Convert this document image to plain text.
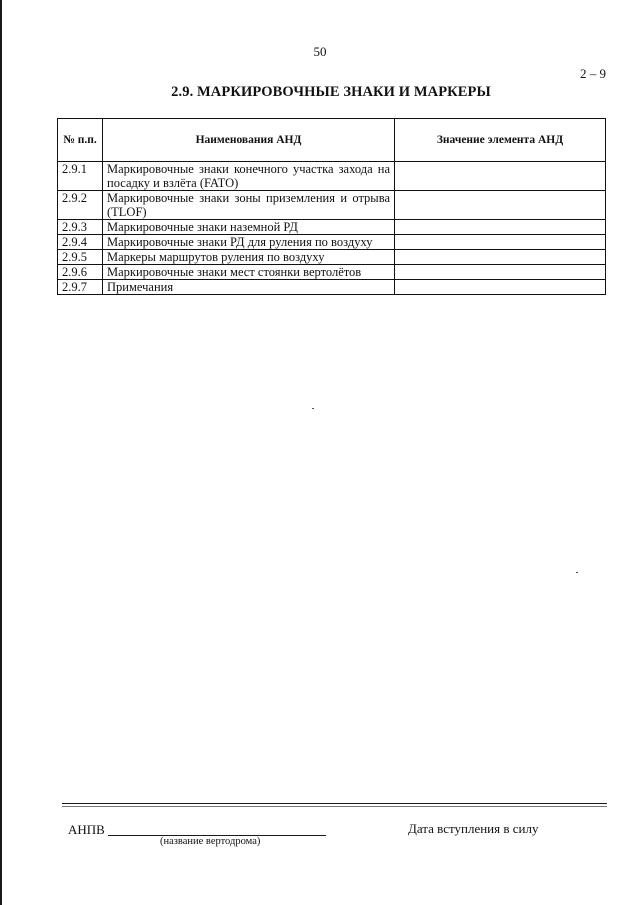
50
2 – 9
2.9. МАРКИРОВОЧНЫЕ ЗНАКИ И МАРКЕРЫ
№ п.п.	Наименования АНД	Значение элемента АНД
2.9.1	Маркировочные знаки конечного участка захода на посадку и взлёта (FATO)	
2.9.2	Маркировочные знаки зоны приземления и отрыва (TLOF)	
2.9.3	Маркировочные знаки наземной РД	
2.9.4	Маркировочные знаки РД для руления по воздуху	
2.9.5	Маркеры маршрутов руления по воздуху	
2.9.6	Маркировочные знаки мест стоянки вертолётов	
2.9.7	Примечания	
АНПВ
(название вертодрома)
Дата вступления в силу
